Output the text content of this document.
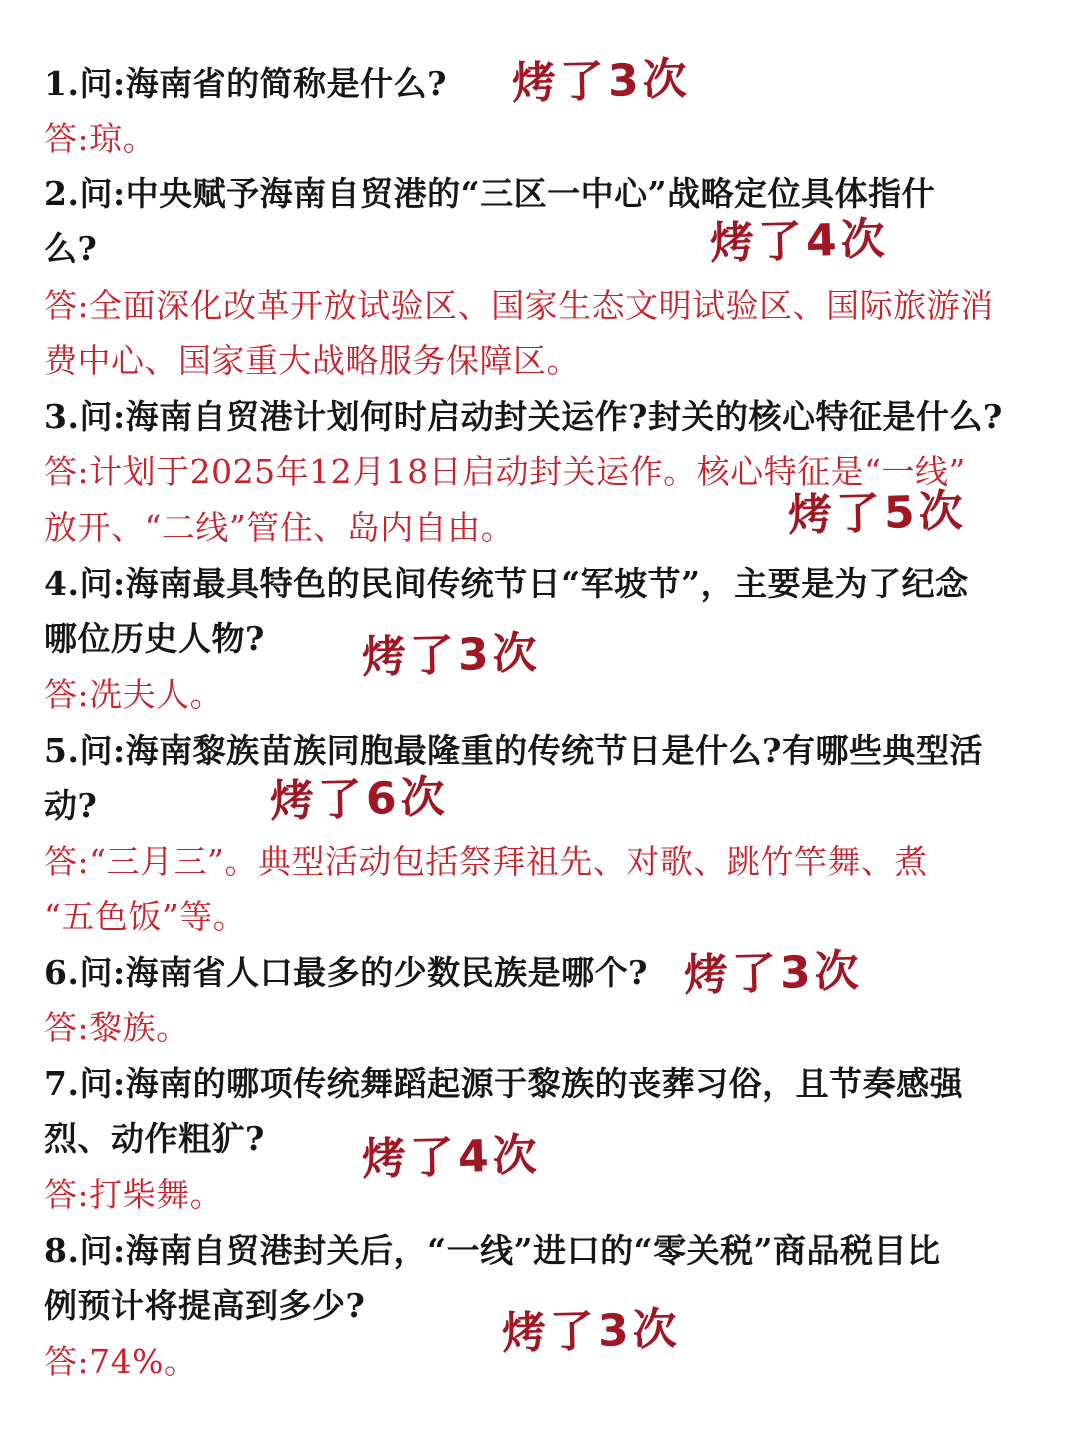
1.问:海南省的简称是什么?
答:琼。
2.问:中央赋予海南自贸港的“三区一中心”战略定位具体指什
么?
答:全面深化改革开放试验区、国家生态文明试验区、国际旅游消
费中心、国家重大战略服务保障区。
3.问:海南自贸港计划何时启动封关运作?封关的核心特征是什么?
答:计划于2025年12月18日启动封关运作。核心特征是“一线”
放开、“二线”管住、岛内自由。
4.问:海南最具特色的民间传统节日“军坡节”，主要是为了纪念
哪位历史人物?
答:冼夫人。
5.问:海南黎族苗族同胞最隆重的传统节日是什么?有哪些典型活
动?
答:“三月三”。典型活动包括祭拜祖先、对歌、跳竹竿舞、煮
“五色饭”等。
6.问:海南省人口最多的少数民族是哪个?
答:黎族。
7.问:海南的哪项传统舞蹈起源于黎族的丧葬习俗，且节奏感强
烈、动作粗犷?
答:打柴舞。
8.问:海南自贸港封关后，“一线”进口的“零关税”商品税目比
例预计将提高到多少?
答:74%。
烤了3次
烤了4次
烤了5次
烤了3次
烤了6次
烤了3次
烤了4次
烤了3次
